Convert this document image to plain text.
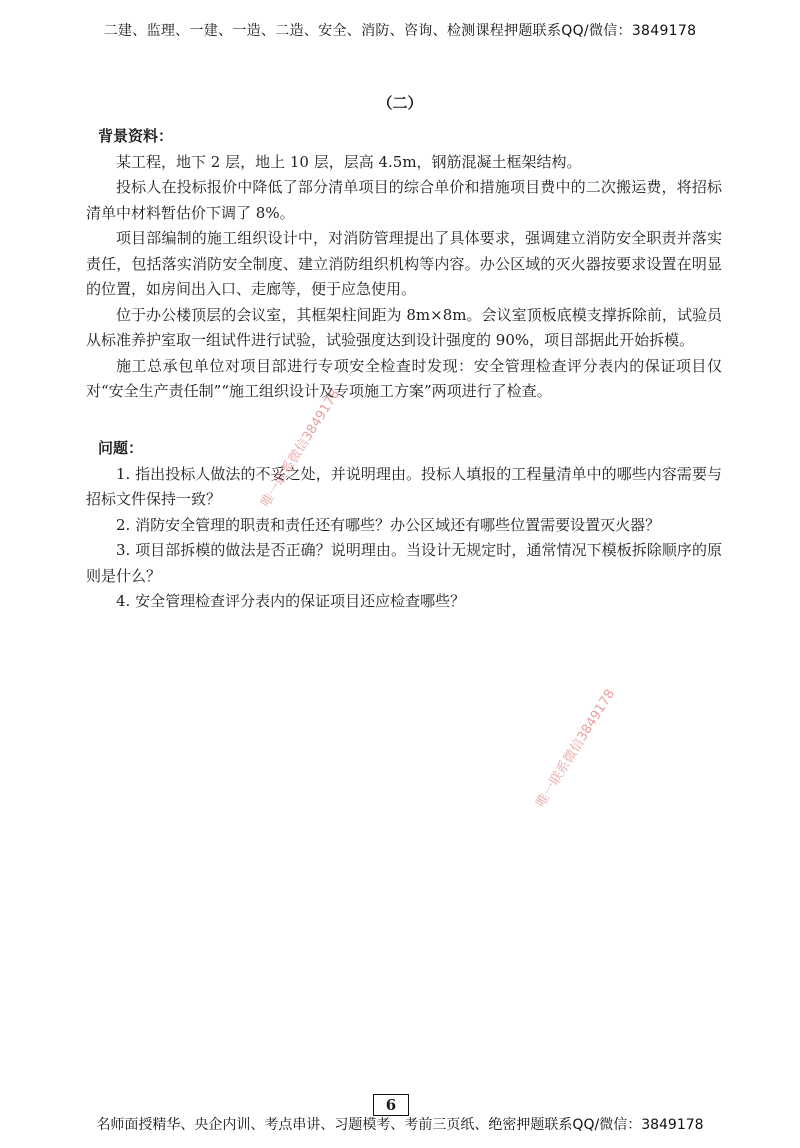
二建、监理、一建、一造、二造、安全、消防、咨询、检测课程押题联系QQ/微信：3849178
（二）

背景资料：

某工程，地下 2 层，地上 10 层，层高 4.5m，钢筋混凝土框架结构。

投标人在投标报价中降低了部分清单项目的综合单价和措施项目费中的二次搬运费，将招标清单中材料暂估价下调了 8%。

项目部编制的施工组织设计中，对消防管理提出了具体要求，强调建立消防安全职责并落实责任，包括落实消防安全制度、建立消防组织机构等内容。办公区域的灭火器按要求设置在明显的位置，如房间出入口、走廊等，便于应急使用。

位于办公楼顶层的会议室，其框架柱间距为 8m×8m。会议室顶板底模支撑拆除前，试验员从标准养护室取一组试件进行试验，试验强度达到设计强度的 90%，项目部据此开始拆模。

施工总承包单位对项目部进行专项安全检查时发现：安全管理检查评分表内的保证项目仅对“安全生产责任制”“施工组织设计及专项施工方案”两项进行了检查。

问题：

1. 指出投标人做法的不妥之处，并说明理由。投标人填报的工程量清单中的哪些内容需要与招标文件保持一致？

2. 消防安全管理的职责和责任还有哪些？办公区域还有哪些位置需要设置灭火器？

3. 项目部拆模的做法是否正确？说明理由。当设计无规定时，通常情况下模板拆除顺序的原则是什么？

4. 安全管理检查评分表内的保证项目还应检查哪些？

唯一联系微信3849178
唯一联系微信3849178
6
名师面授精华、央企内训、考点串讲、习题模考、考前三页纸、绝密押题联系QQ/微信：3849178
